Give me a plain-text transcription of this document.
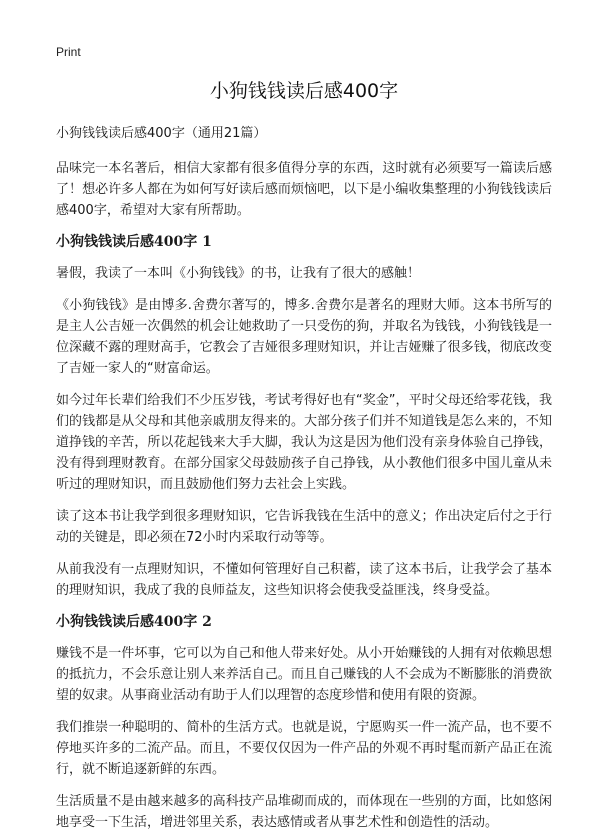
Print
小狗钱钱读后感400字
小狗钱钱读后感400字（通用21篇）

品味完一本名著后，相信大家都有很多值得分享的东西，这时就有必须要写一篇读后感了！想必许多人都在为如何写好读后感而烦恼吧，以下是小编收集整理的小狗钱钱读后感400字，希望对大家有所帮助。

小狗钱钱读后感400字 1

暑假，我读了一本叫《小狗钱钱》的书，让我有了很大的感触！

《小狗钱钱》是由博多.舍费尔著写的，博多.舍费尔是著名的理财大师。这本书所写的是主人公吉娅一次偶然的机会让她救助了一只受伤的狗，并取名为钱钱，小狗钱钱是一位深藏不露的理财高手，它教会了吉娅很多理财知识，并让吉娅赚了很多钱，彻底改变了吉娅一家人的“财富命运。

如今过年长辈们给我们不少压岁钱，考试考得好也有“奖金”，平时父母还给零花钱，我们的钱都是从父母和其他亲戚朋友得来的。大部分孩子们并不知道钱是怎么来的，不知道挣钱的辛苦，所以花起钱来大手大脚，我认为这是因为他们没有亲身体验自己挣钱，没有得到理财教育。在部分国家父母鼓励孩子自己挣钱，从小教他们很多中国儿童从未听过的理财知识，而且鼓励他们努力去社会上实践。

读了这本书让我学到很多理财知识，它告诉我钱在生活中的意义；作出决定后付之于行动的关键是，即必须在72小时内采取行动等等。

从前我没有一点理财知识，不懂如何管理好自己积蓄，读了这本书后，让我学会了基本的理财知识，我成了我的良师益友，这些知识将会使我受益匪浅，终身受益。

小狗钱钱读后感400字 2

赚钱不是一件坏事，它可以为自己和他人带来好处。从小开始赚钱的人拥有对依赖思想的抵抗力，不会乐意让别人来养活自己。而且自己赚钱的人不会成为不断膨胀的消费欲望的奴隶。从事商业活动有助于人们以理智的态度珍惜和使用有限的资源。

我们推崇一种聪明的、简朴的生活方式。也就是说，宁愿购买一件一流产品，也不要不停地买许多的二流产品。而且，不要仅仅因为一件产品的外观不再时髦而新产品正在流行，就不断追逐新鲜的东西。

生活质量不是由越来越多的高科技产品堆砌而成的，而体现在一些别的方面，比如悠闲地享受一下生活，增进邻里关系，表达感情或者从事艺术性和创造性的活动。
